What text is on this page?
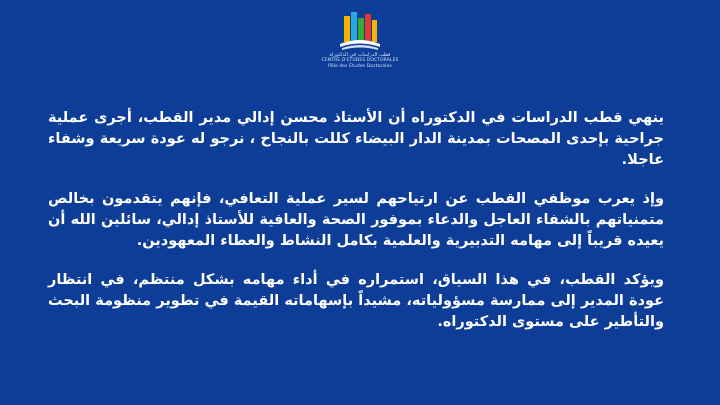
قطب الدراسات في الدكتوراه
CENTRE D'ETUDES DOCTORALES
Pôle des Études Doctorales

ينهي قطب الدراسات في الدكتوراه أن الأستاذ محسن إدالي مدير القطب، أجرى عملية جراحية بإحدى المصحات بمدينة الدار البيضاء كللت بالنجاح ، نرجو له عودة سريعة وشفاء عاجلا.

وإذ يعرب موظفي القطب عن ارتياحهم لسير عملية التعافي، فإنهم يتقدمون بخالص متمنياتهم بالشفاء العاجل والدعاء بموفور الصحة والعافية للأستاذ إدالي، سائلين الله أن يعيده قريباً إلى مهامه التدبيرية والعلمية بكامل النشاط والعطاء المعهودين.

ويؤكد القطب، في هذا السياق، استمراره في أداء مهامه بشكل منتظم، في انتظار عودة المدير إلى ممارسة مسؤولياته، مشيداً بإسهاماته القيمة في تطوير منظومة البحث والتأطير على مستوى الدكتوراه.
